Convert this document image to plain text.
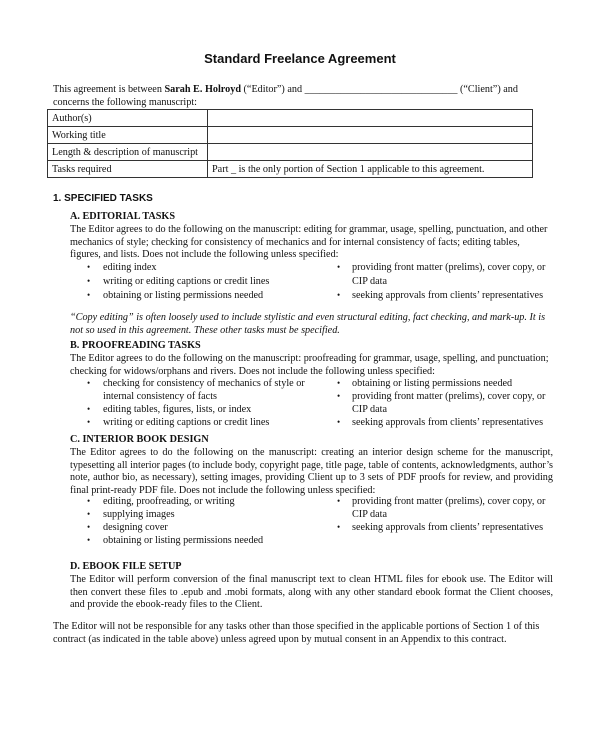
Standard Freelance Agreement
This agreement is between Sarah E. Holroyd (“Editor”) and ______________________________ (“Client”) and
concerns the following manuscript:
Author(s)	
Working title	
Length & description of manuscript	
Tasks required	Part _ is the only portion of Section 1 applicable to this agreement.
1. SPECIFIED TASKS
A. EDITORIAL TASKS
The Editor agrees to do the following on the manuscript: editing for grammar, usage, spelling, punctuation, and other mechanics of style; checking for consistency of mechanics and for internal consistency of facts; editing tables, figures, and lists. Does not include the following unless specified:
• editing index
• writing or editing captions or credit lines
• obtaining or listing permissions needed
• providing front matter (prelims), cover copy, or
CIP data
• seeking approvals from clients’ representatives
“Copy editing” is often loosely used to include stylistic and even structural editing, fact checking, and mark-up. It is not so used in this agreement. These other tasks must be specified.
B. PROOFREADING TASKS
The Editor agrees to do the following on the manuscript: proofreading for grammar, usage, spelling, and punctuation; checking for widows/orphans and rivers. Does not include the following unless specified:
• checking for consistency of mechanics of style or
internal consistency of facts
• editing tables, figures, lists, or index
• writing or editing captions or credit lines
• obtaining or listing permissions needed
• providing front matter (prelims), cover copy, or
CIP data
• seeking approvals from clients’ representatives
C. INTERIOR BOOK DESIGN
The Editor agrees to do the following on the manuscript: creating an interior design scheme for the manuscript, typesetting all interior pages (to include body, copyright page, title page, table of contents, acknowledgments, author’s note, author bio, as necessary), setting images, providing Client up to 3 sets of PDF proofs for review, and providing final print-ready PDF file. Does not include the following unless specified:
• editing, proofreading, or writing
• supplying images
• designing cover
• obtaining or listing permissions needed
• providing front matter (prelims), cover copy, or
CIP data
• seeking approvals from clients’ representatives
D. EBOOK FILE SETUP
The Editor will perform conversion of the final manuscript text to clean HTML files for ebook use. The Editor will then convert these files to .epub and .mobi formats, along with any other standard ebook format the Client chooses, and provide the ebook-ready files to the Client.
The Editor will not be responsible for any tasks other than those specified in the applicable portions of Section 1 of this contract (as indicated in the table above) unless agreed upon by mutual consent in an Appendix to this contract.
